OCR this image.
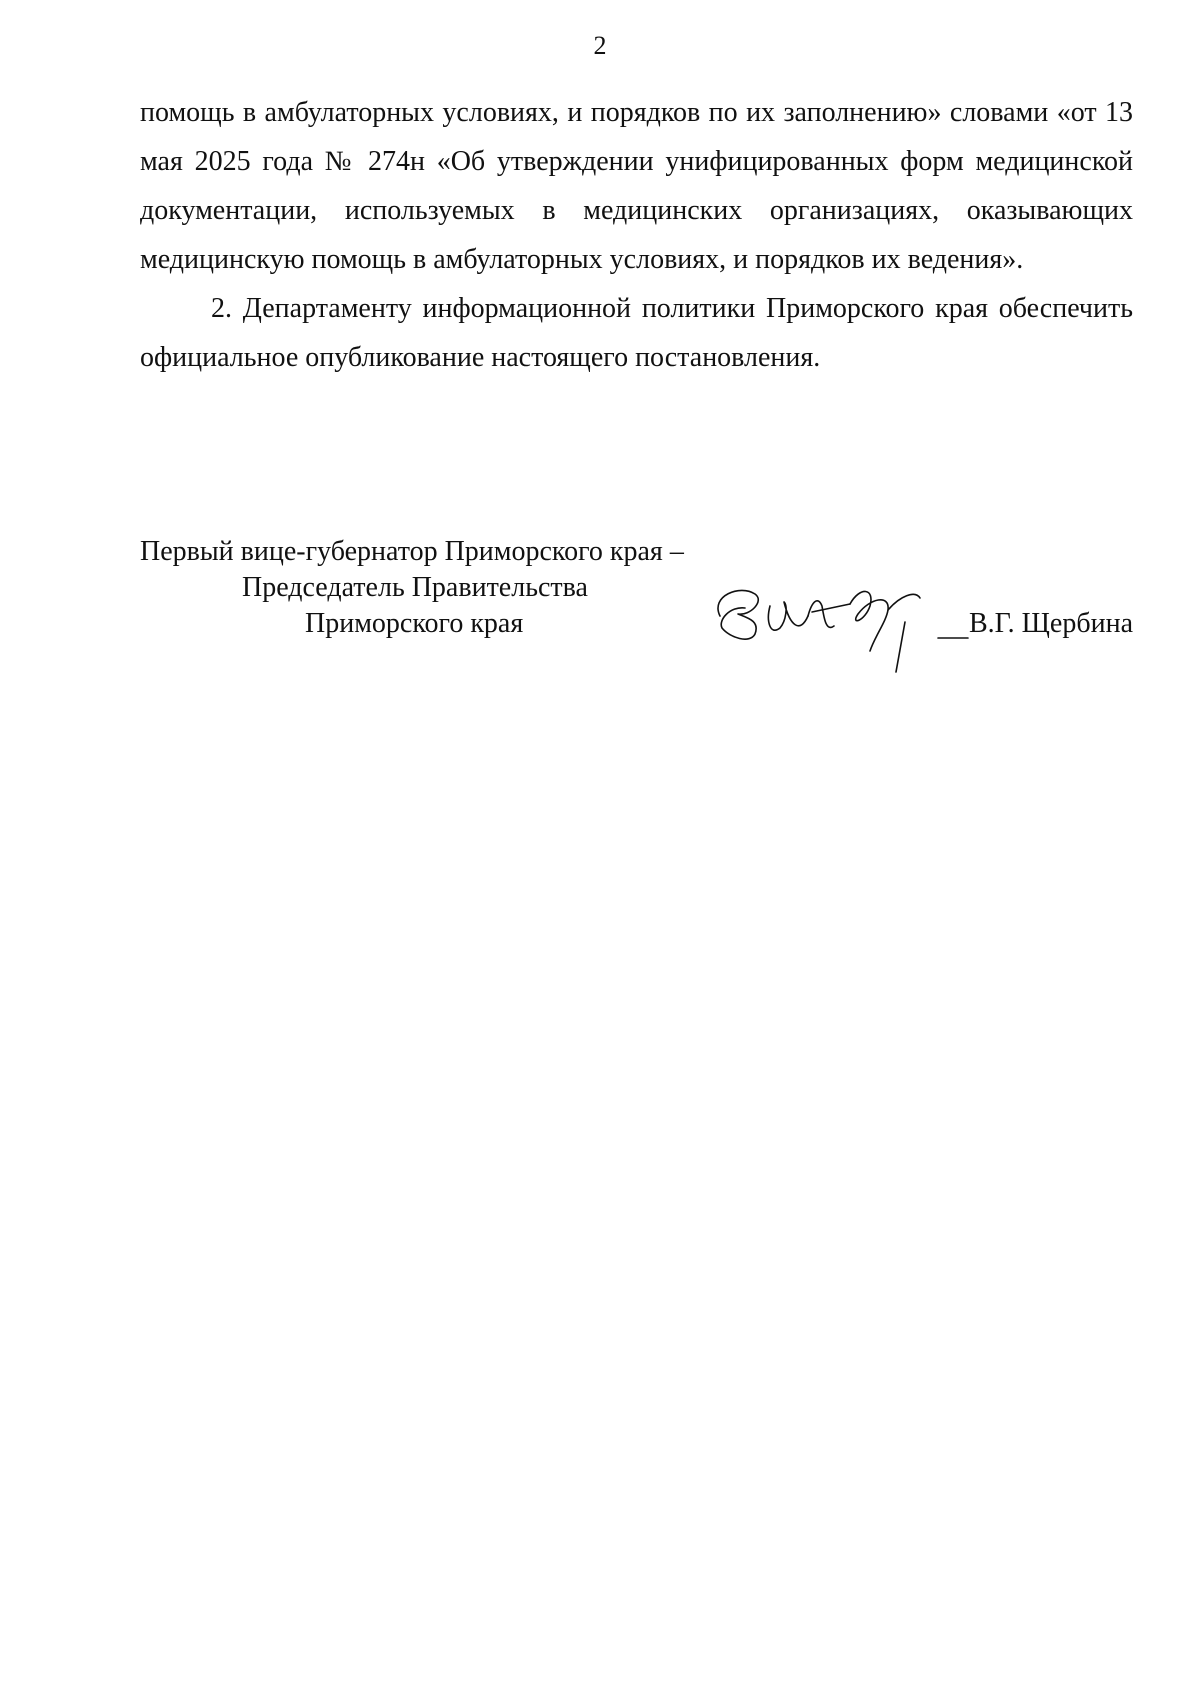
2

помощь в амбулаторных условиях, и порядков по их заполнению» словами «от 13 мая 2025 года № 274н «Об утверждении унифицированных форм медицинской документации, используемых в медицинских организациях, оказывающих медицинскую помощь в амбулаторных условиях, и порядков их ведения».

2. Департаменту информационной политики Приморского края обеспечить официальное опубликование настоящего постановления.

Первый вице-губернатор Приморского края –
Председатель Правительства
Приморского края	В.Г. Щербина
